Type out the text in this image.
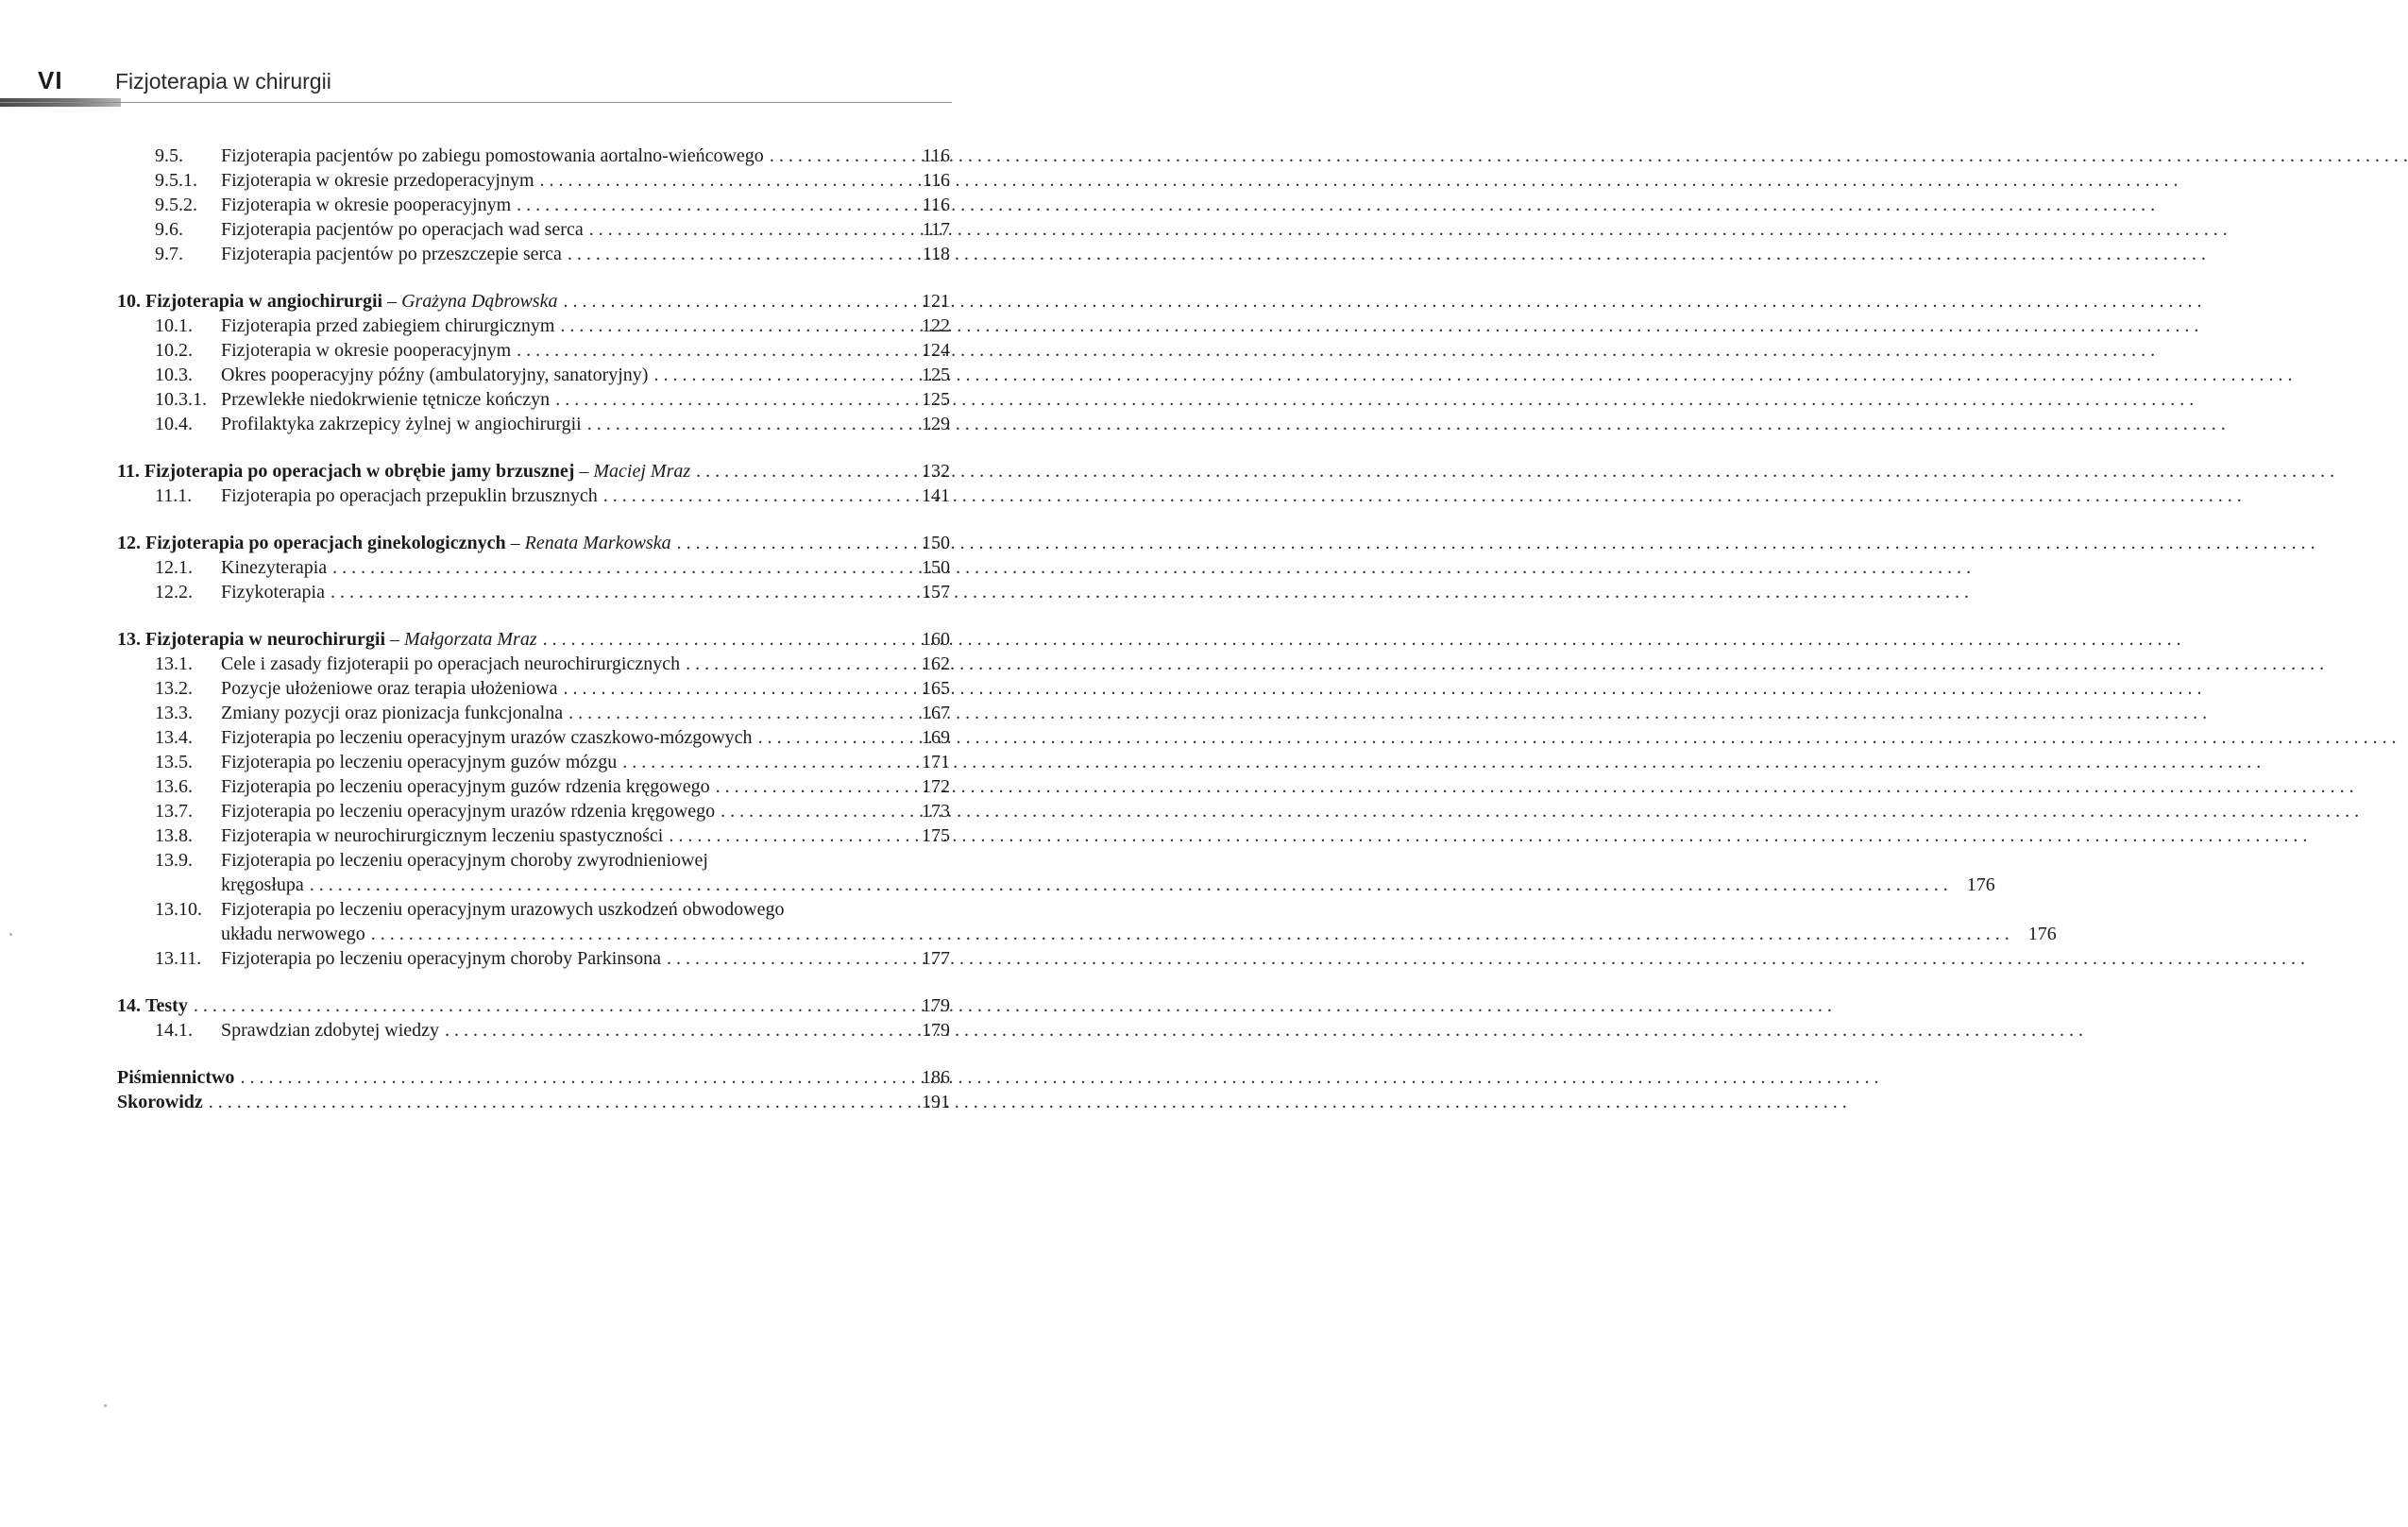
VI	Fizjoterapia w chirurgii
9.5.	Fizjoterapia pacjentów po zabiegu pomostowania aortalno-wieńcowego . . .	116
9.5.1.	Fizjoterapia w okresie przedoperacyjnym . . .	116
9.5.2.	Fizjoterapia w okresie pooperacyjnym . . .	116
9.6.	Fizjoterapia pacjentów po operacjach wad serca . . .	117
9.7.	Fizjoterapia pacjentów po przeszczepie serca . . .	118
10. Fizjoterapia w angiochirurgii – Grażyna Dąbrowska . . .	121
10.1.	Fizjoterapia przed zabiegiem chirurgicznym . . .	122
10.2.	Fizjoterapia w okresie pooperacyjnym . . .	124
10.3.	Okres pooperacyjny późny (ambulatoryjny, sanatoryjny) . . .	125
10.3.1. Przewlekłe niedokrwienie tętnicze kończyn . . .	125
10.4.	Profilaktyka zakrzepicy żylnej w angiochirurgii . . .	129
11. Fizjoterapia po operacjach w obrębie jamy brzusznej – Maciej Mraz . . .	132
11.1.	Fizjoterapia po operacjach przepuklin brzusznych . . .	141
12. Fizjoterapia po operacjach ginekologicznych – Renata Markowska . . .	150
12.1.	Kinezyterapia . . .	150
12.2.	Fizykoterapia . . .	157
13. Fizjoterapia w neurochirurgii – Małgorzata Mraz . . .	160
13.1.	Cele i zasady fizjoterapii po operacjach neurochirurgicznych . . .	162
13.2.	Pozycje ułożeniowe oraz terapia ułożeniowa . . .	165
13.3.	Zmiany pozycji oraz pionizacja funkcjonalna . . .	167
13.4.	Fizjoterapia po leczeniu operacyjnym urazów czaszkowo-mózgowych . . .	169
13.5.	Fizjoterapia po leczeniu operacyjnym guzów mózgu . . .	171
13.6.	Fizjoterapia po leczeniu operacyjnym guzów rdzenia kręgowego . . .	172
13.7.	Fizjoterapia po leczeniu operacyjnym urazów rdzenia kręgowego . . .	173
13.8.	Fizjoterapia w neurochirurgicznym leczeniu spastyczności . . .	175
13.9.	Fizjoterapia po leczeniu operacyjnym choroby zwyrodnieniowej
kręgosłupa . . .	176
13.10.	Fizjoterapia po leczeniu operacyjnym urazowych uszkodzeń obwodowego
układu nerwowego . . .	176
13.11.	Fizjoterapia po leczeniu operacyjnym choroby Parkinsona . . .	177
14. Testy . . .	179
14.1.	Sprawdzian zdobytej wiedzy . . .	179
Piśmiennictwo . . .	186
Skorowidz . . .	191
